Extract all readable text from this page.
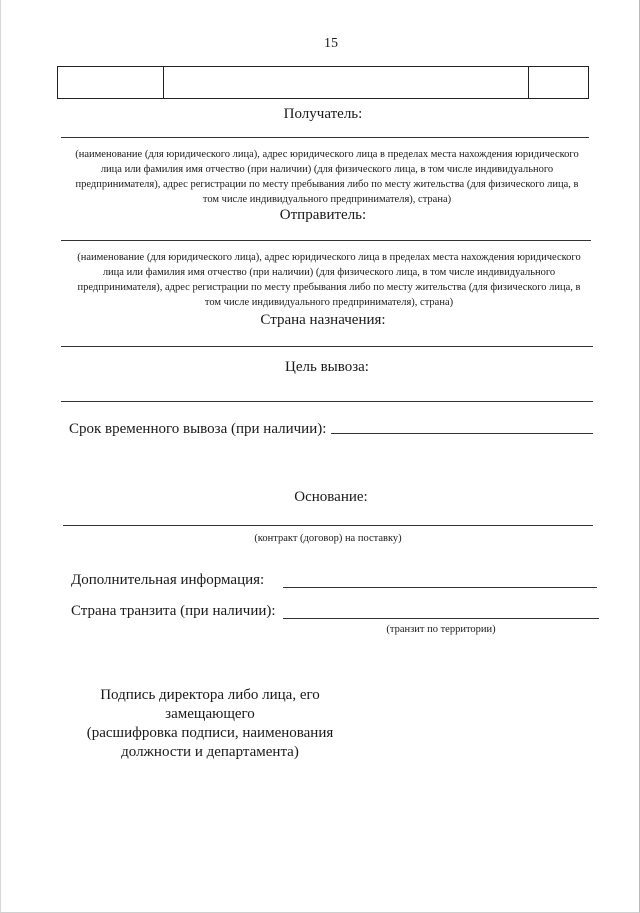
15
Получатель:
(наименование (для юридического лица), адрес юридического лица в пределах места нахождения юридического лица или фамилия имя отчество (при наличии) (для физического лица, в том числе индивидуального предпринимателя), адрес регистрации по месту пребывания либо по месту жительства (для физического лица, в том числе индивидуального предпринимателя), страна)
Отправитель:
(наименование (для юридического лица), адрес юридического лица в пределах места нахождения юридического лица или фамилия имя отчество (при наличии) (для физического лица, в том числе индивидуального предпринимателя), адрес регистрации по месту пребывания либо по месту жительства (для физического лица, в том числе индивидуального предпринимателя), страна)
Страна назначения:
Цель вывоза:
Срок временного вывоза (при наличии):
Основание:
(контракт (договор) на поставку)
Дополнительная информация:
Страна транзита (при наличии):
(транзит по территории)
Подпись директора либо лица, его
замещающего
(расшифровка подписи, наименования
должности и департамента)
